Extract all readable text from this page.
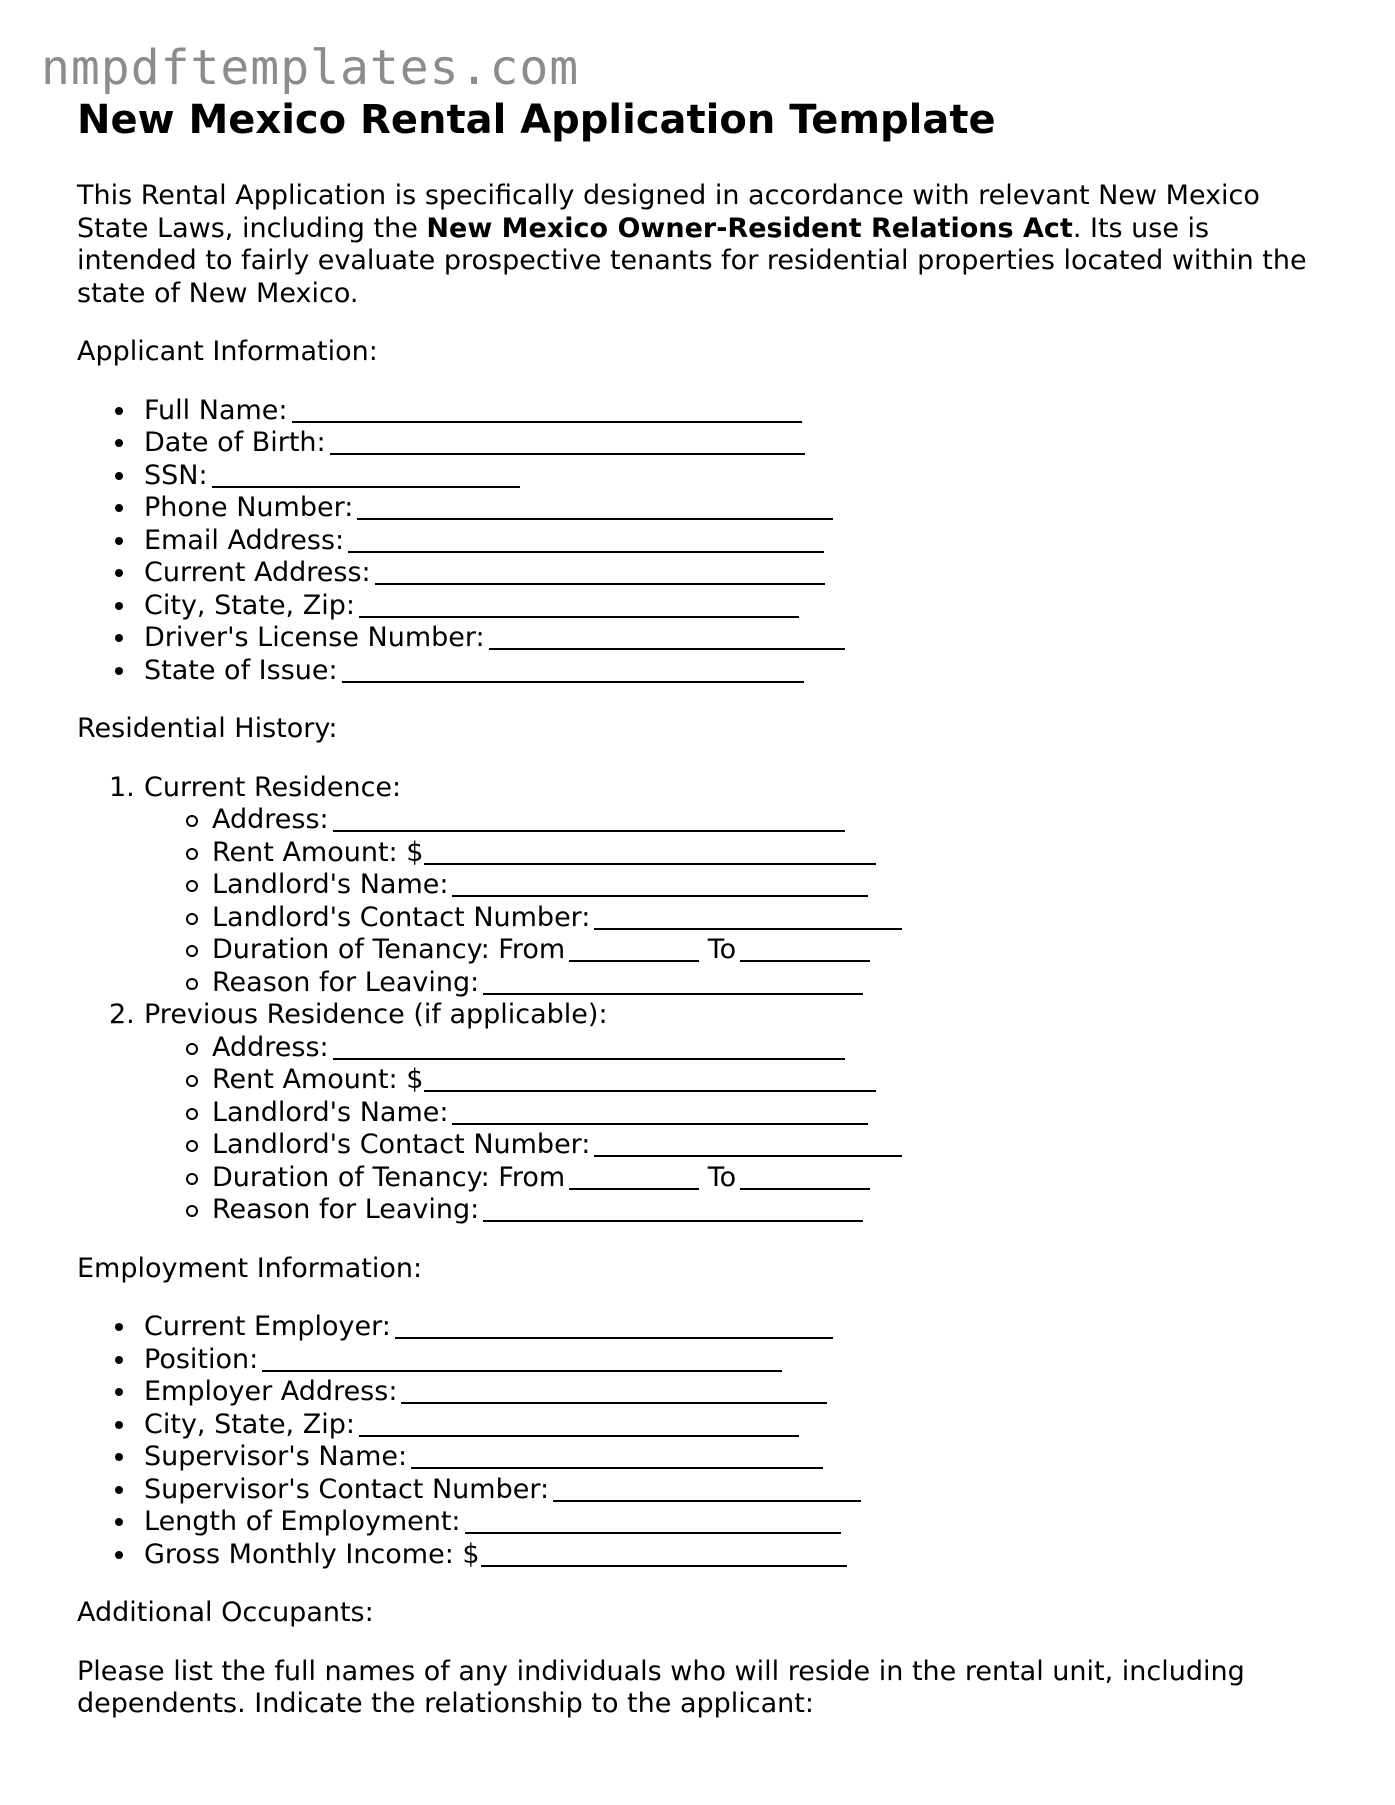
nmpdftemplates.com
New Mexico Rental Application Template

This Rental Application is specifically designed in accordance with relevant New Mexico State Laws, including the New Mexico Owner-Resident Relations Act. Its use is intended to fairly evaluate prospective tenants for residential properties located within the state of New Mexico.

Applicant Information:

Full Name:
Date of Birth:
SSN:
Phone Number:
Email Address:
Current Address:
City, State, Zip:
Driver's License Number:
State of Issue:

Residential History:

1. Current Residence:
Address:
Rent Amount: $
Landlord's Name:
Landlord's Contact Number:
Duration of Tenancy: From	To
Reason for Leaving:
2. Previous Residence (if applicable):
Address:
Rent Amount: $
Landlord's Name:
Landlord's Contact Number:
Duration of Tenancy: From	To
Reason for Leaving:

Employment Information:

Current Employer:
Position:
Employer Address:
City, State, Zip:
Supervisor's Name:
Supervisor's Contact Number:
Length of Employment:
Gross Monthly Income: $

Additional Occupants:

Please list the full names of any individuals who will reside in the rental unit, including dependents. Indicate the relationship to the applicant:
